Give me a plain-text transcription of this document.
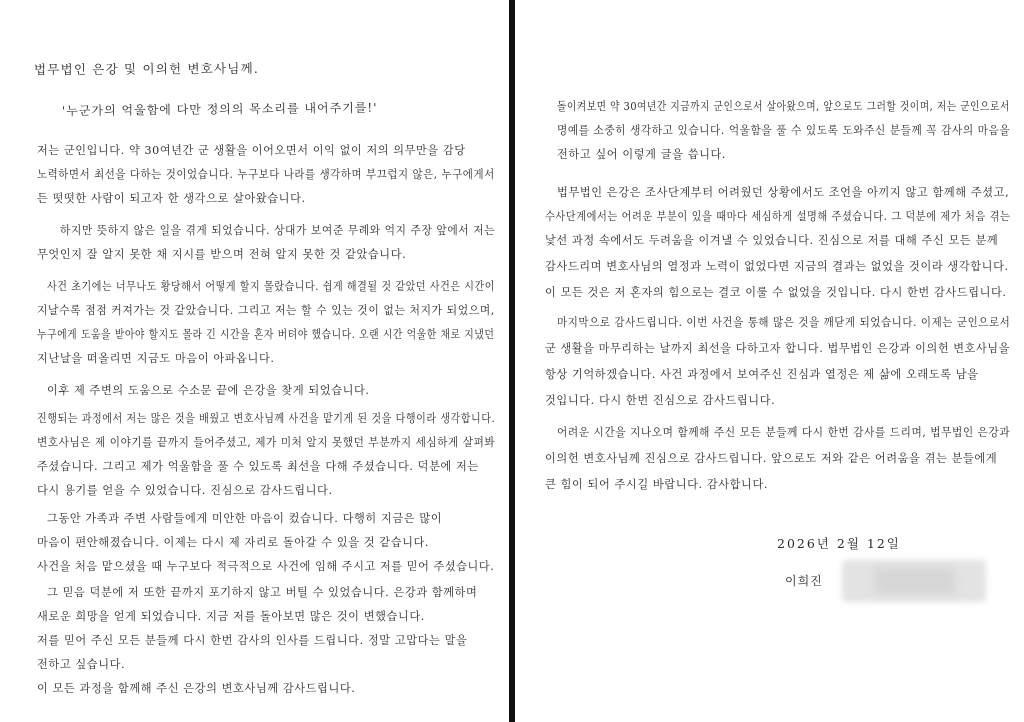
법무법인 은강 및 이의헌 변호사님께.
'누군가의 억울함에 다만 정의의 목소리를 내어주기를!'
저는 군인입니다. 약 30여년간 군 생활을 이어오면서 이익 없이 저의 의무만을 감당
노력하면서 최선을 다하는 것이었습니다. 누구보다 나라를 생각하며 부끄럽지 않은, 누구에게서
든 떳떳한 사람이 되고자 한 생각으로 살아왔습니다.
하지만 뜻하지 않은 일을 겪게 되었습니다. 상대가 보여준 무례와 억지 주장 앞에서 저는
무엇인지 잘 알지 못한 채 지시를 받으며 전혀 알지 못한 것 같았습니다.
사건 초기에는 너무나도 황당해서 어떻게 할지 몰랐습니다. 쉽게 해결될 것 같았던 사건은 시간이
지날수록 점점 커져가는 것 같았습니다. 그리고 저는 할 수 있는 것이 없는 처지가 되었으며,
누구에게 도움을 받아야 할지도 몰라 긴 시간을 혼자 버텨야 했습니다. 오랜 시간 억울한 채로 지냈던
지난날을 떠올리면 지금도 마음이 아파옵니다.
이후 제 주변의 도움으로 수소문 끝에 은강을 찾게 되었습니다.
진행되는 과정에서 저는 많은 것을 배웠고 변호사님께 사건을 맡기게 된 것을 다행이라 생각합니다.
변호사님은 제 이야기를 끝까지 들어주셨고, 제가 미처 알지 못했던 부분까지 세심하게 살펴봐
주셨습니다. 그리고 제가 억울함을 풀 수 있도록 최선을 다해 주셨습니다. 덕분에 저는
다시 용기를 얻을 수 있었습니다. 진심으로 감사드립니다.
그동안 가족과 주변 사람들에게 미안한 마음이 컸습니다. 다행히 지금은 많이
마음이 편안해졌습니다. 이제는 다시 제 자리로 돌아갈 수 있을 것 같습니다.
사건을 처음 맡으셨을 때 누구보다 적극적으로 사건에 임해 주시고 저를 믿어 주셨습니다.
그 믿음 덕분에 저 또한 끝까지 포기하지 않고 버틸 수 있었습니다. 은강과 함께하며
새로운 희망을 얻게 되었습니다. 지금 저를 돌아보면 많은 것이 변했습니다.
저를 믿어 주신 모든 분들께 다시 한번 감사의 인사를 드립니다. 정말 고맙다는 말을
전하고 싶습니다.
이 모든 과정을 함께해 주신 은강의 변호사님께 감사드립니다.
돌이켜보면 약 30여년간 지금까지 군인으로서 살아왔으며, 앞으로도 그러할 것이며, 저는 군인으로서
명예를 소중히 생각하고 있습니다. 억울함을 풀 수 있도록 도와주신 분들께 꼭 감사의 마음을
전하고 싶어 이렇게 글을 씁니다.
법무법인 은강은 조사단계부터 어려웠던 상황에서도 조언을 아끼지 않고 함께해 주셨고,
수사단계에서는 어려운 부분이 있을 때마다 세심하게 설명해 주셨습니다. 그 덕분에 제가 처음 겪는
낯선 과정 속에서도 두려움을 이겨낼 수 있었습니다. 진심으로 저를 대해 주신 모든 분께
감사드리며 변호사님의 열정과 노력이 없었다면 지금의 결과는 없었을 것이라 생각합니다.
이 모든 것은 저 혼자의 힘으로는 결코 이룰 수 없었을 것입니다. 다시 한번 감사드립니다.
마지막으로 감사드립니다. 이번 사건을 통해 많은 것을 깨닫게 되었습니다. 이제는 군인으로서
군 생활을 마무리하는 날까지 최선을 다하고자 합니다. 법무법인 은강과 이의헌 변호사님을
항상 기억하겠습니다. 사건 과정에서 보여주신 진심과 열정은 제 삶에 오래도록 남을
것입니다. 다시 한번 진심으로 감사드립니다.
어려운 시간을 지나오며 함께해 주신 모든 분들께 다시 한번 감사를 드리며, 법무법인 은강과
이의헌 변호사님께 진심으로 감사드립니다. 앞으로도 저와 같은 어려움을 겪는 분들에게
큰 힘이 되어 주시길 바랍니다. 감사합니다.
2026년 2월 12일
이희진
